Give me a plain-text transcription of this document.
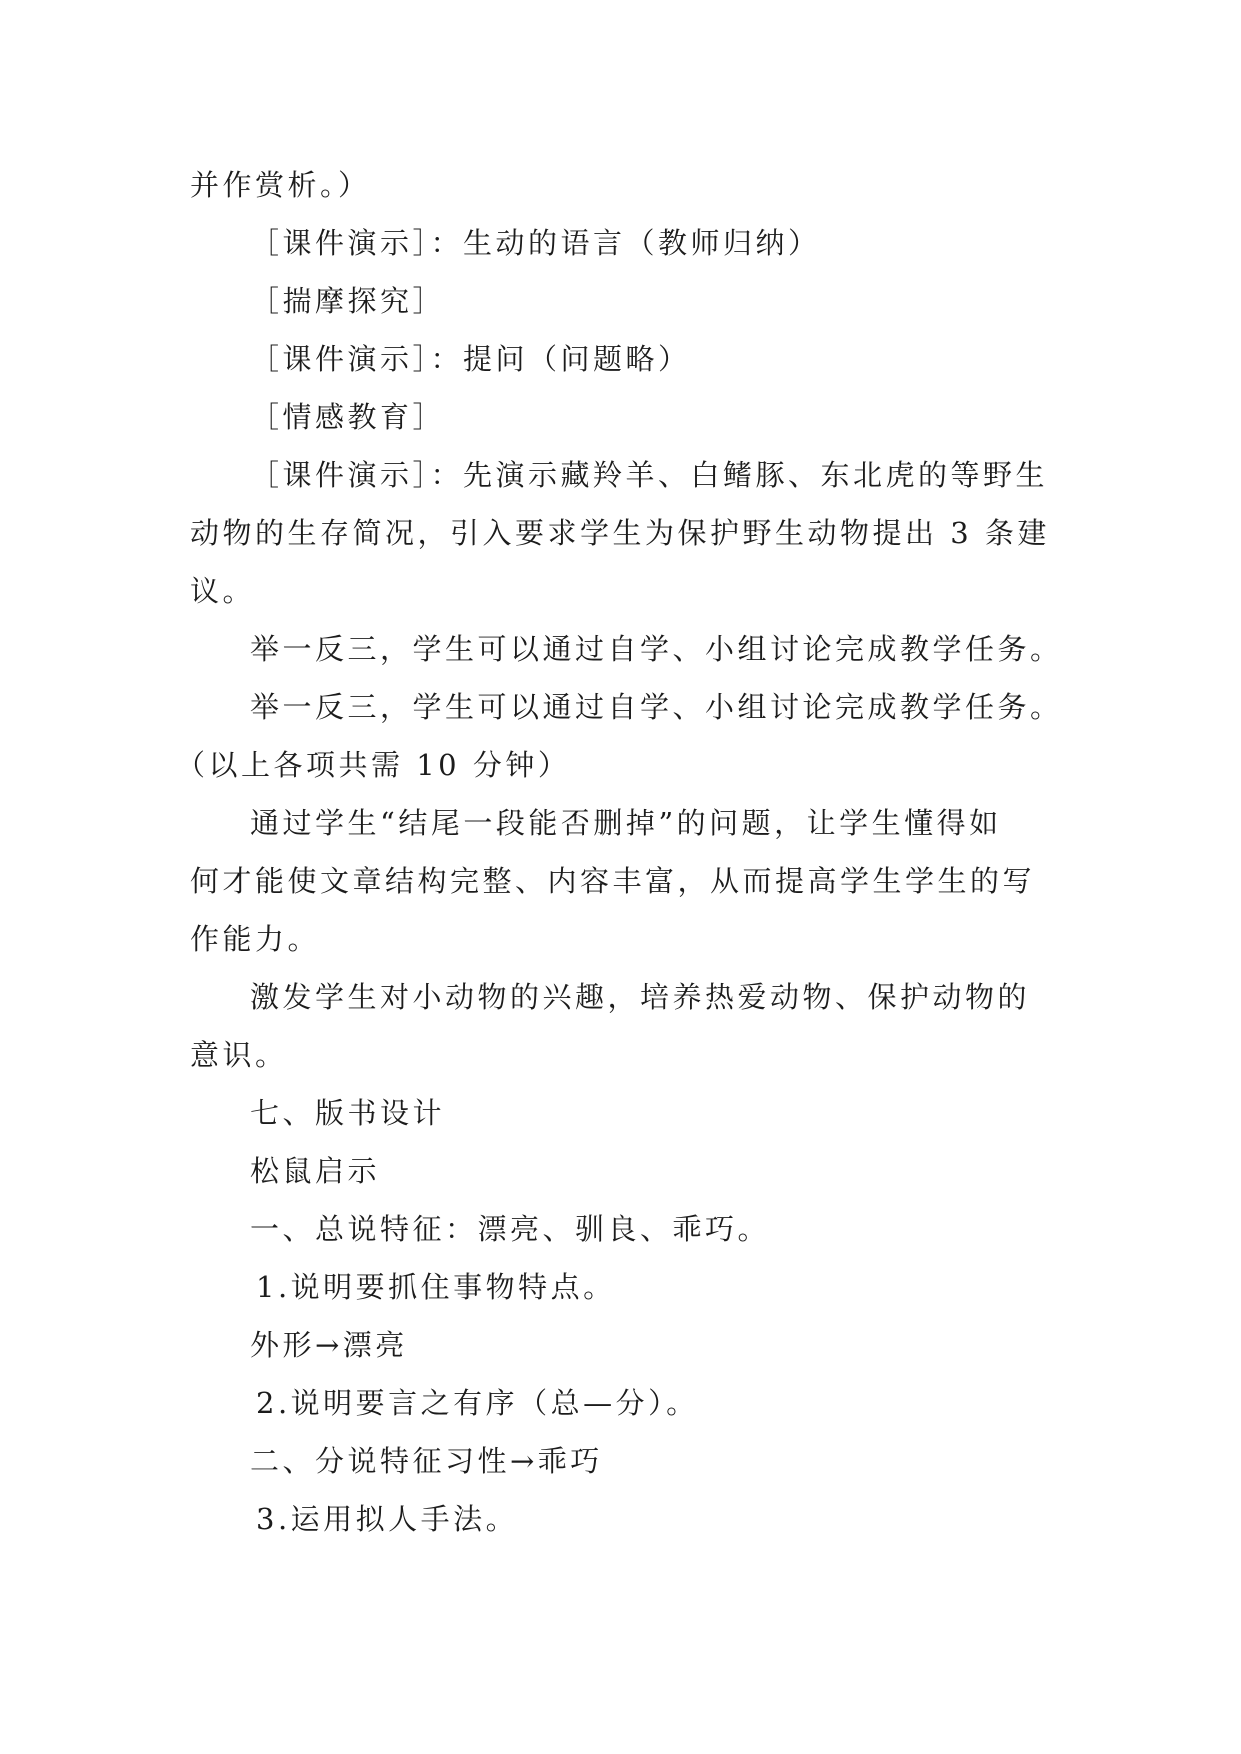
并作赏析。）
［课件演示］：生动的语言（教师归纳）
［揣摩探究］
［课件演示］：提问（问题略）
［情感教育］
［课件演示］：先演示藏羚羊、白鳍豚、东北虎的等野生
动物的生存简况，引入要求学生为保护野生动物提出 3 条建
议。
举一反三，学生可以通过自学、小组讨论完成教学任务。
举一反三，学生可以通过自学、小组讨论完成教学任务。
（以上各项共需 10 分钟）
通过学生“结尾一段能否删掉”的问题，让学生懂得如
何才能使文章结构完整、内容丰富，从而提高学生学生的写
作能力。
激发学生对小动物的兴趣，培养热爱动物、保护动物的
意识。
七、版书设计
松鼠启示
一、总说特征：漂亮、驯良、乖巧。
1.说明要抓住事物特点。
外形→漂亮
2.说明要言之有序（总—分）。
二、分说特征习性→乖巧
3.运用拟人手法。
